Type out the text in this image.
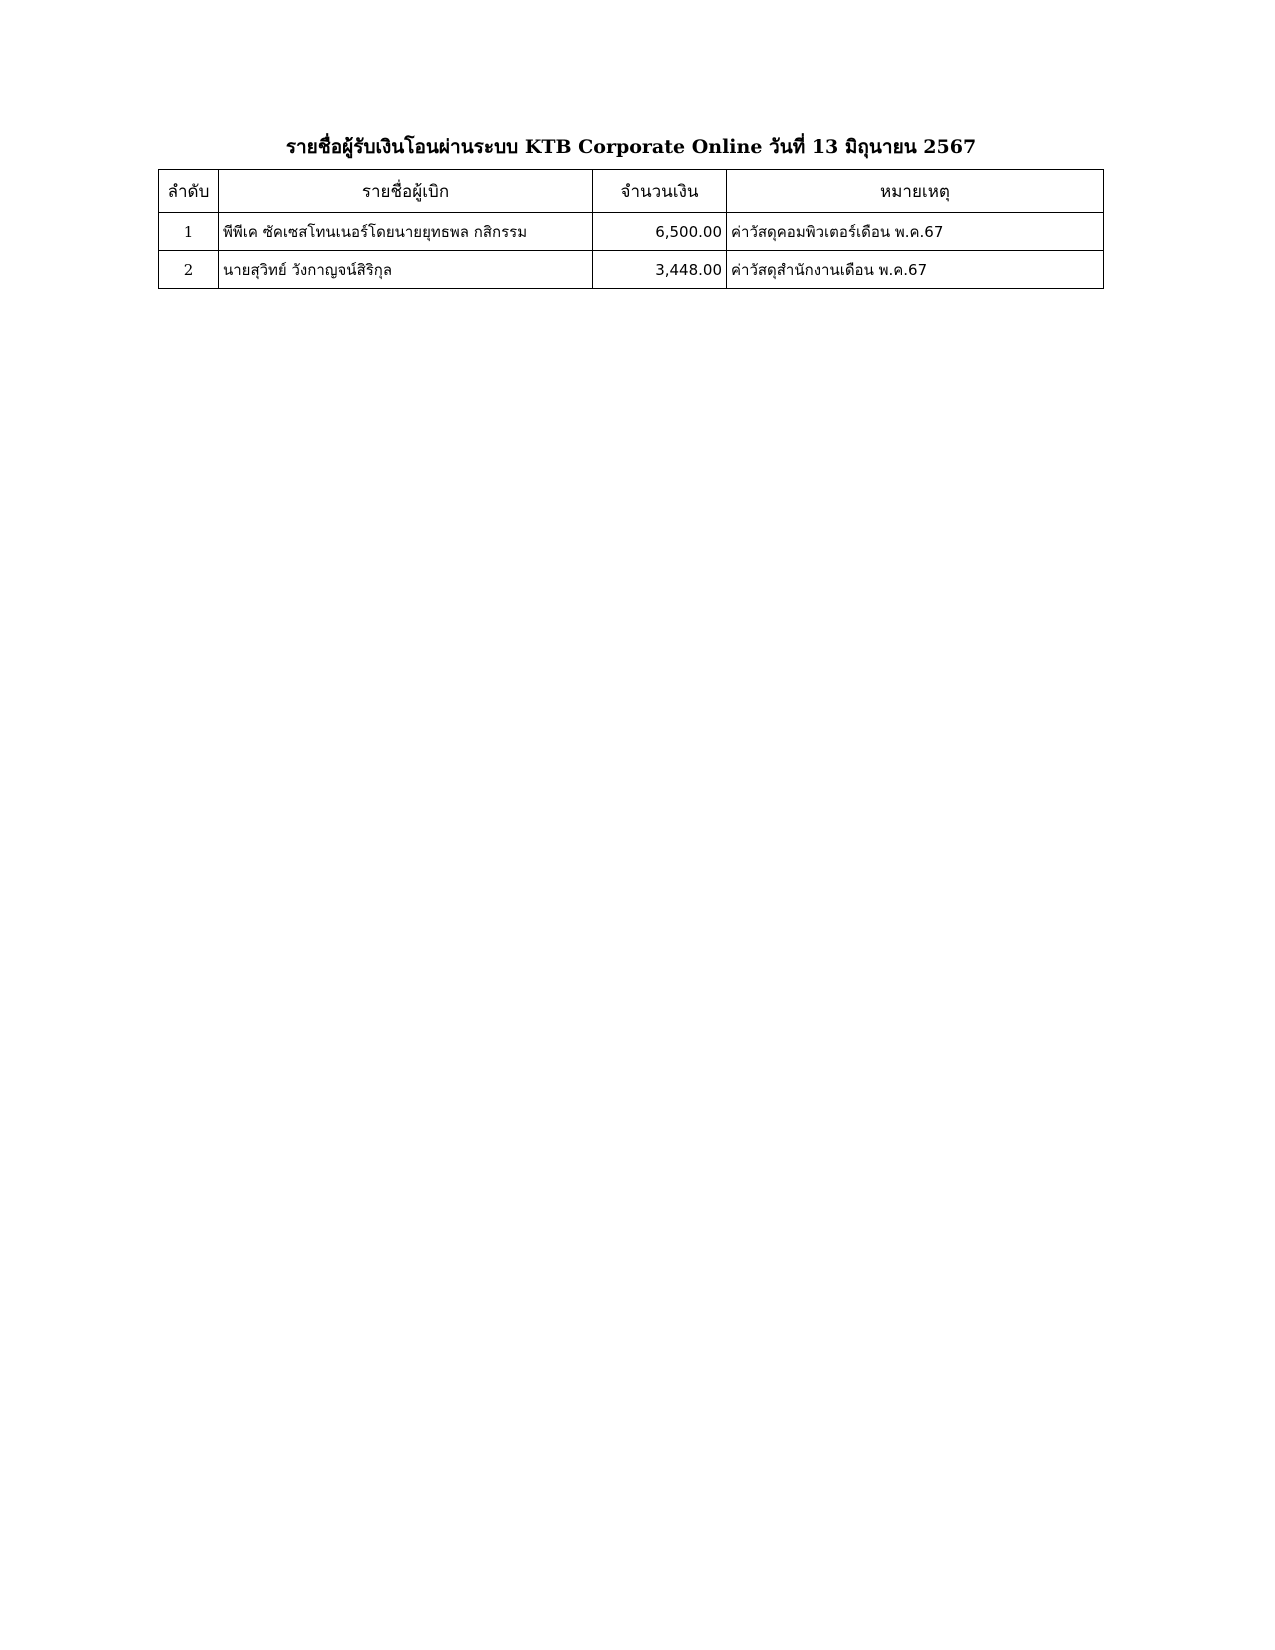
รายชื่อผู้รับเงินโอนผ่านระบบ KTB Corporate Online วันที่ 13 มิถุนายน 2567
ลำดับ	รายชื่อผู้เบิก	จำนวนเงิน	หมายเหตุ
1	พีพีเค ซัคเซสโทนเนอร์โดยนายยุทธพล กสิกรรม	6,500.00	ค่าวัสดุคอมพิวเตอร์เดือน พ.ค.67
2	นายสุวิทย์ วังกาญจน์สิริกุล	3,448.00	ค่าวัสดุสำนักงานเดือน พ.ค.67
